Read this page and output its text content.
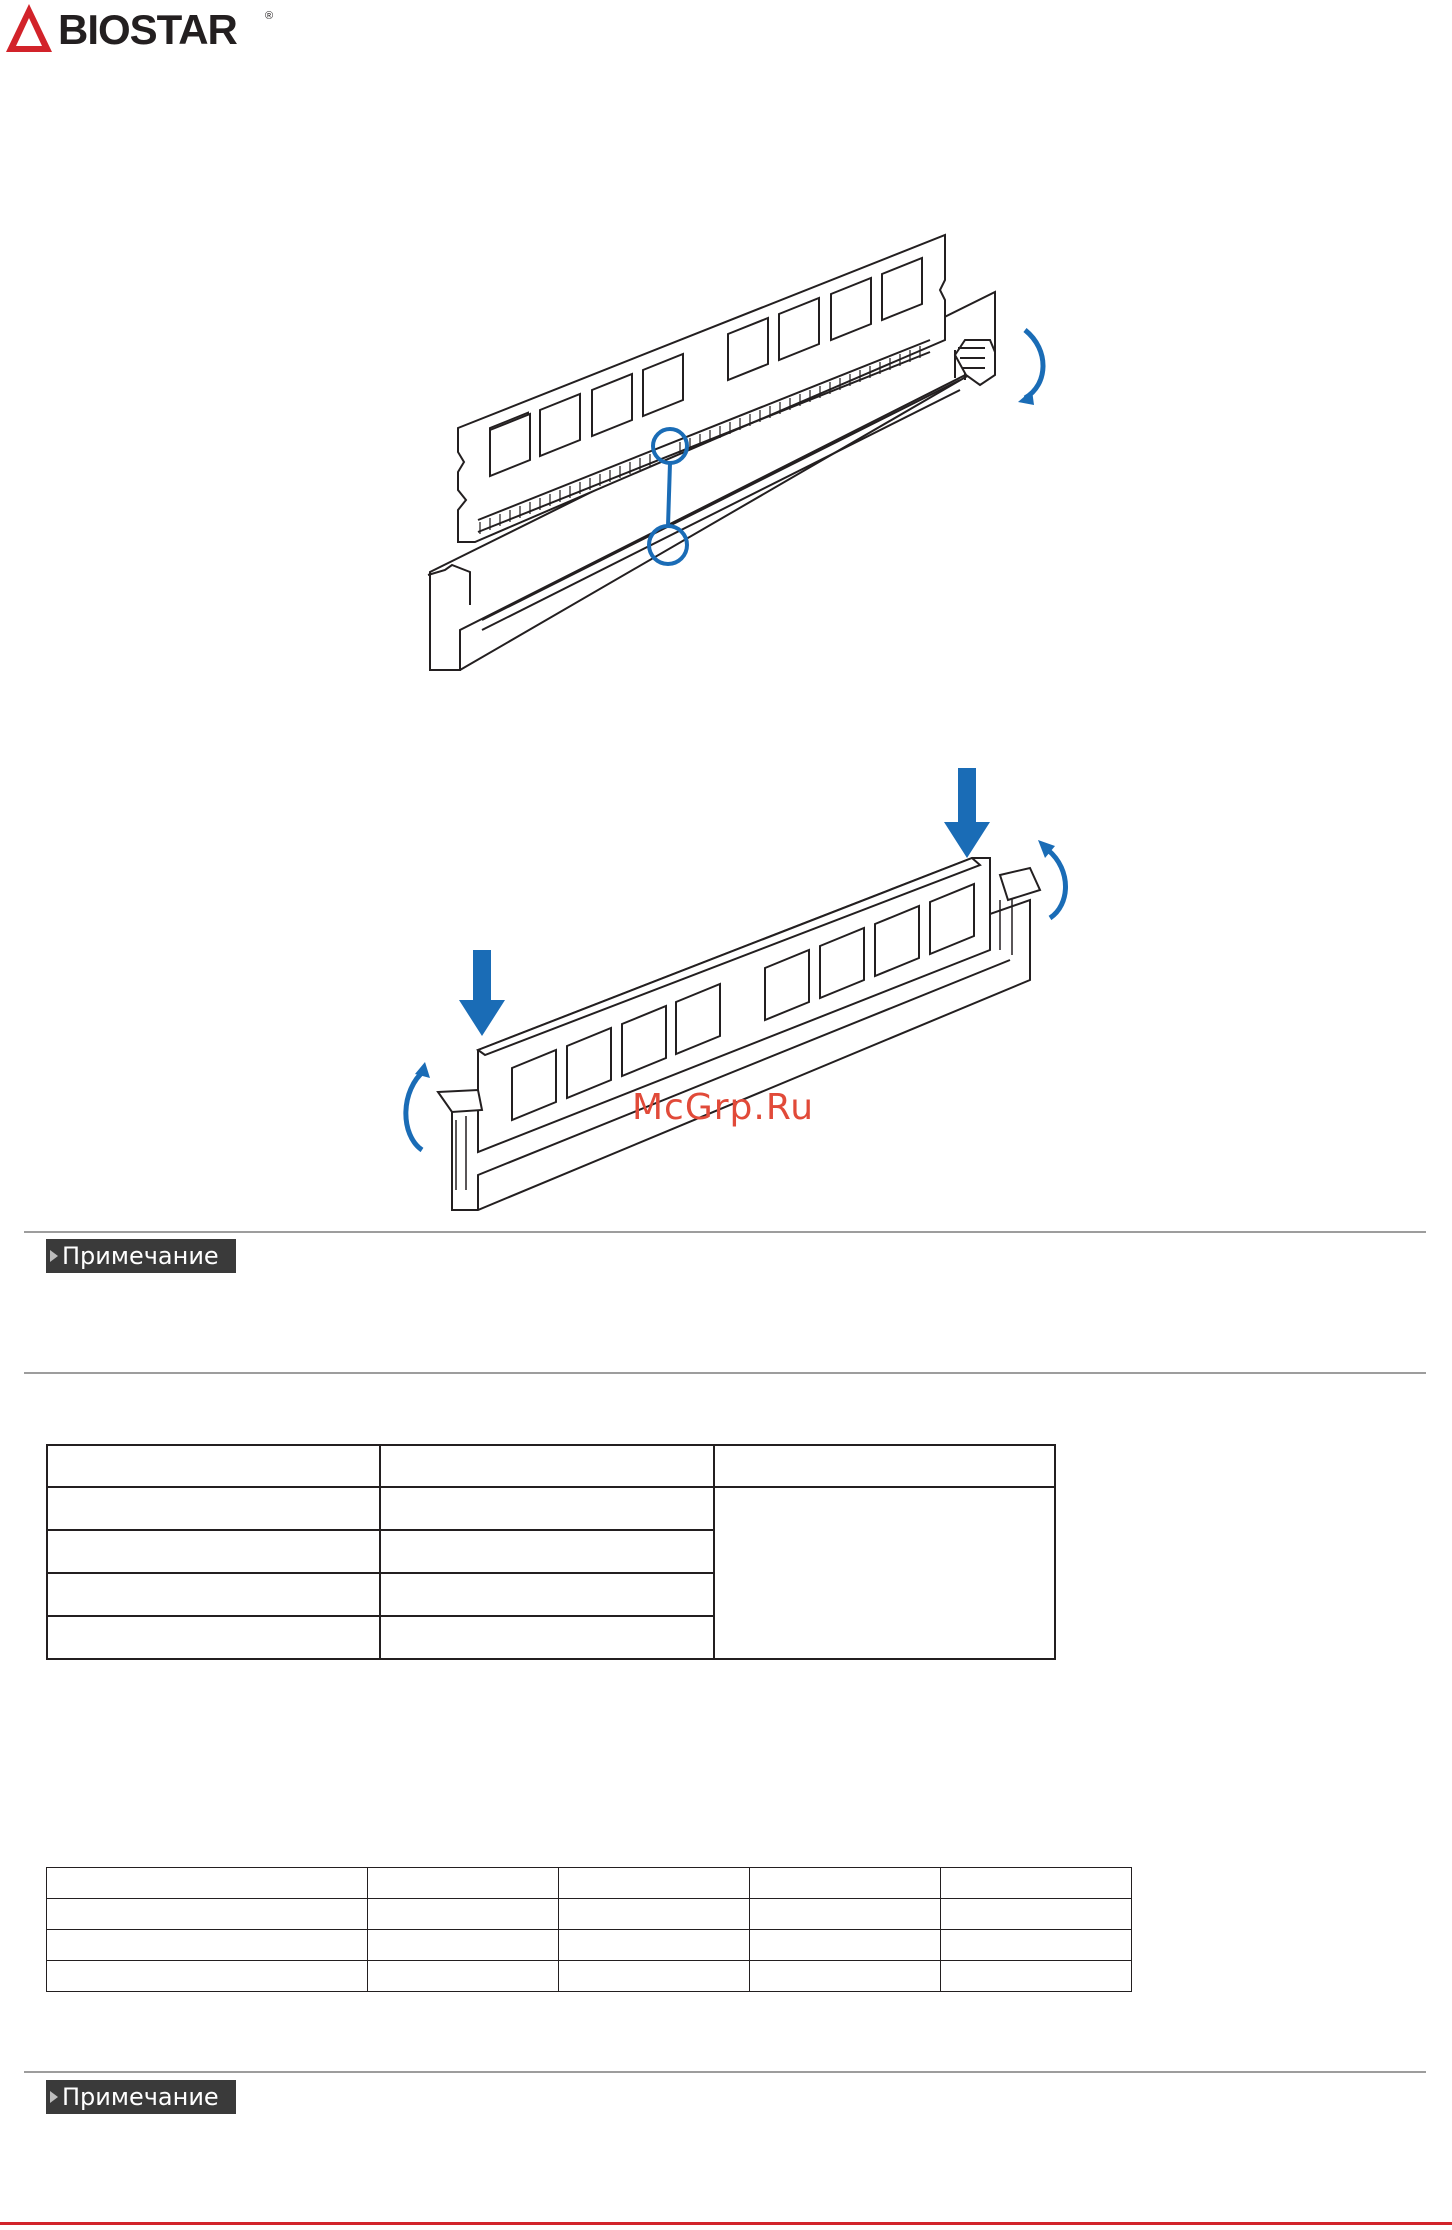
BIOSTAR	®
McGrp.Ru
Примечание

Примечание
